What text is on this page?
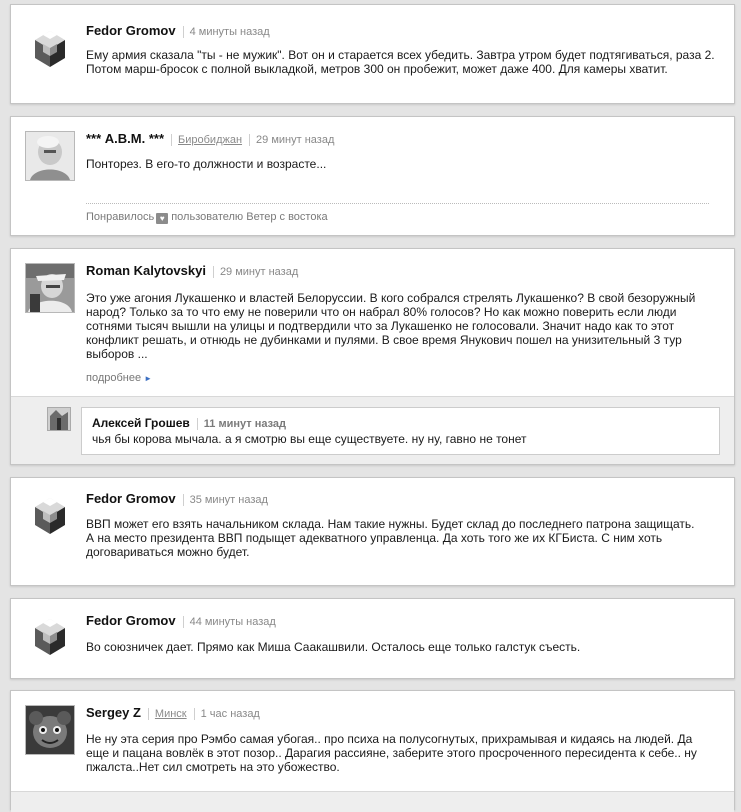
Fedor Gromov 4 минуты назад
Ему армия сказала "ты - не мужик". Вот он и старается всех убедить. Завтра утром будет подтягиваться, раза 2. Потом марш-бросок с полной выкладкой, метров 300 он пробежит, может даже 400. Для камеры хватит.
*** А.В.М. *** Биробиджан 29 минут назад
Понторез. В его-то должности и возрасте...
Понравилось ♥ пользователю Ветер с востока
Roman Kalytovskyi 29 минут назад
Это уже агония Лукашенко и властей Белоруссии. В кого собрался стрелять Лукашенко? В свой безоружный народ? Только за то что ему не поверили что он набрал 80% голосов? Но как можно поверить если люди сотнями тысяч вышли на улицы и подтвердили что за Лукашенко не голосовали. Значит надо как то этот конфликт решать, и отнюдь не дубинками и пулями. В свое время Янукович пошел на унизительный 3 тур выборов ...
подробнее ►
Алексей Грошев 11 минут назад
чья бы корова мычала. а я смотрю вы еще существуете. ну ну, гавно не тонет
Fedor Gromov 35 минут назад
ВВП может его взять начальником склада. Нам такие нужны. Будет склад до последнего патрона защищать.
А на место президента ВВП подыщет адекватного управленца. Да хоть того же их КГБиста. С ним хоть договариваться можно будет.
Fedor Gromov 44 минуты назад
Во союзничек дает. Прямо как Миша Саакашвили. Осталось еще только галстук съесть.
Sergey Z Минск 1 час назад
Не ну эта серия про Рэмбо самая убогая.. про психа на полусогнутых, прихрамывая и кидаясь на людей. Да еще и пацана вовлёк в этот позор.. Дарагия рассияне, заберите этого просроченного пересидента к себе.. ну пжалста..Нет сил смотреть на это убожество.
